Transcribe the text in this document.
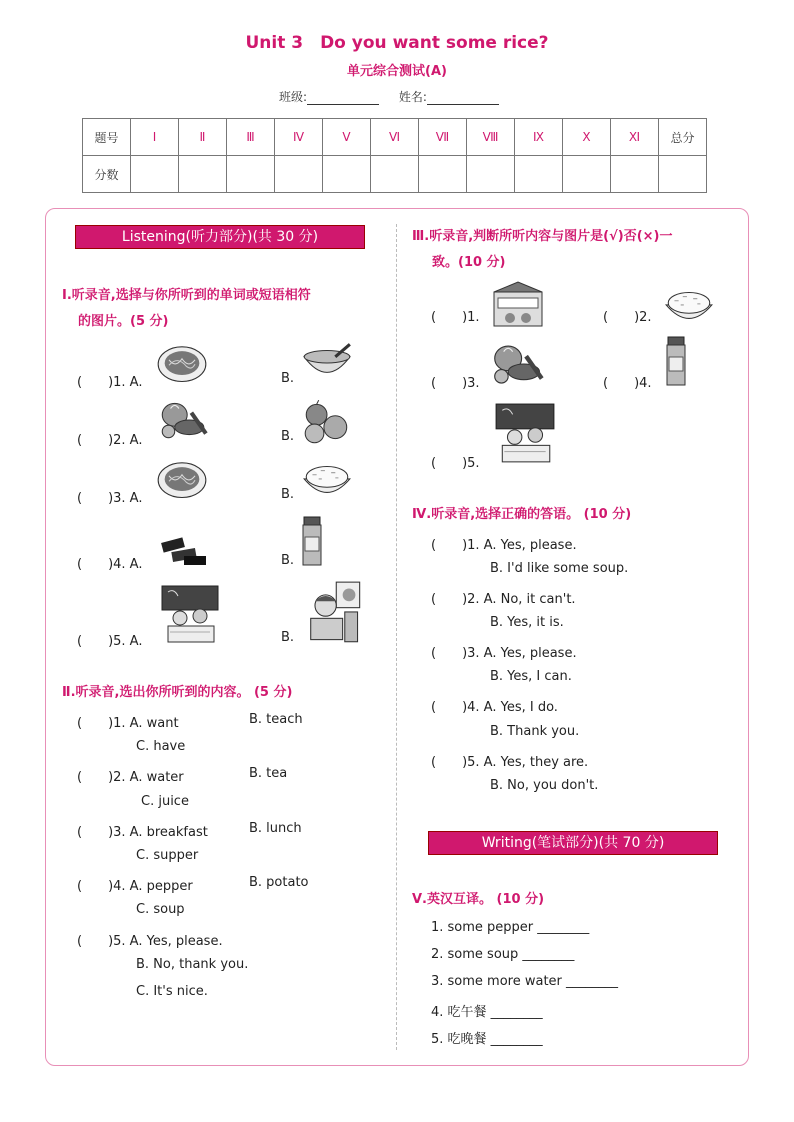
Unit 3　Do you want some rice?
单元综合测试(A)
班级:	姓名:
题号	Ⅰ	Ⅱ	Ⅲ	Ⅳ	Ⅴ	Ⅵ	Ⅶ	Ⅷ	Ⅸ	Ⅹ	Ⅺ	总分
分数												
Listening(听力部分)(共 30 分)
Ⅰ.听录音,选择与你所听到的单词或短语相符
的图片。(5 分)
(　　)1. A.	B.
(　　)2. A.	B.
(　　)3. A.	B.
(　　)4. A.	B.
(　　)5. A.	B.
Ⅱ.听录音,选出你所听到的内容。 (5 分)
(　　)1. A. want	B. teach
C. have
(　　)2. A. water	B. tea
C. juice
(　　)3. A. breakfast	B. lunch
C. supper
(　　)4. A. pepper	B. potato
C. soup
(　　)5. A. Yes, please.
B. No, thank you.
C. It's nice.
Ⅲ.听录音,判断所听内容与图片是(√)否(×)一
致。(10 分)
(　　)1.	(　　)2.
(　　)3.	(　　)4.
(　　)5.
Ⅳ.听录音,选择正确的答语。 (10 分)
(　　)1. A. Yes, please.
B. I'd like some soup.
(　　)2. A. No, it can't.
B. Yes, it is.
(　　)3. A. Yes, please.
B. Yes, I can.
(　　)4. A. Yes, I do.
B. Thank you.
(　　)5. A. Yes, they are.
B. No, you don't.
Writing(笔试部分)(共 70 分)
Ⅴ.英汉互译。 (10 分)
1. some pepper ________
2. some soup ________
3. some more water ________
4. 吃午餐 ________
5. 吃晚餐 ________
